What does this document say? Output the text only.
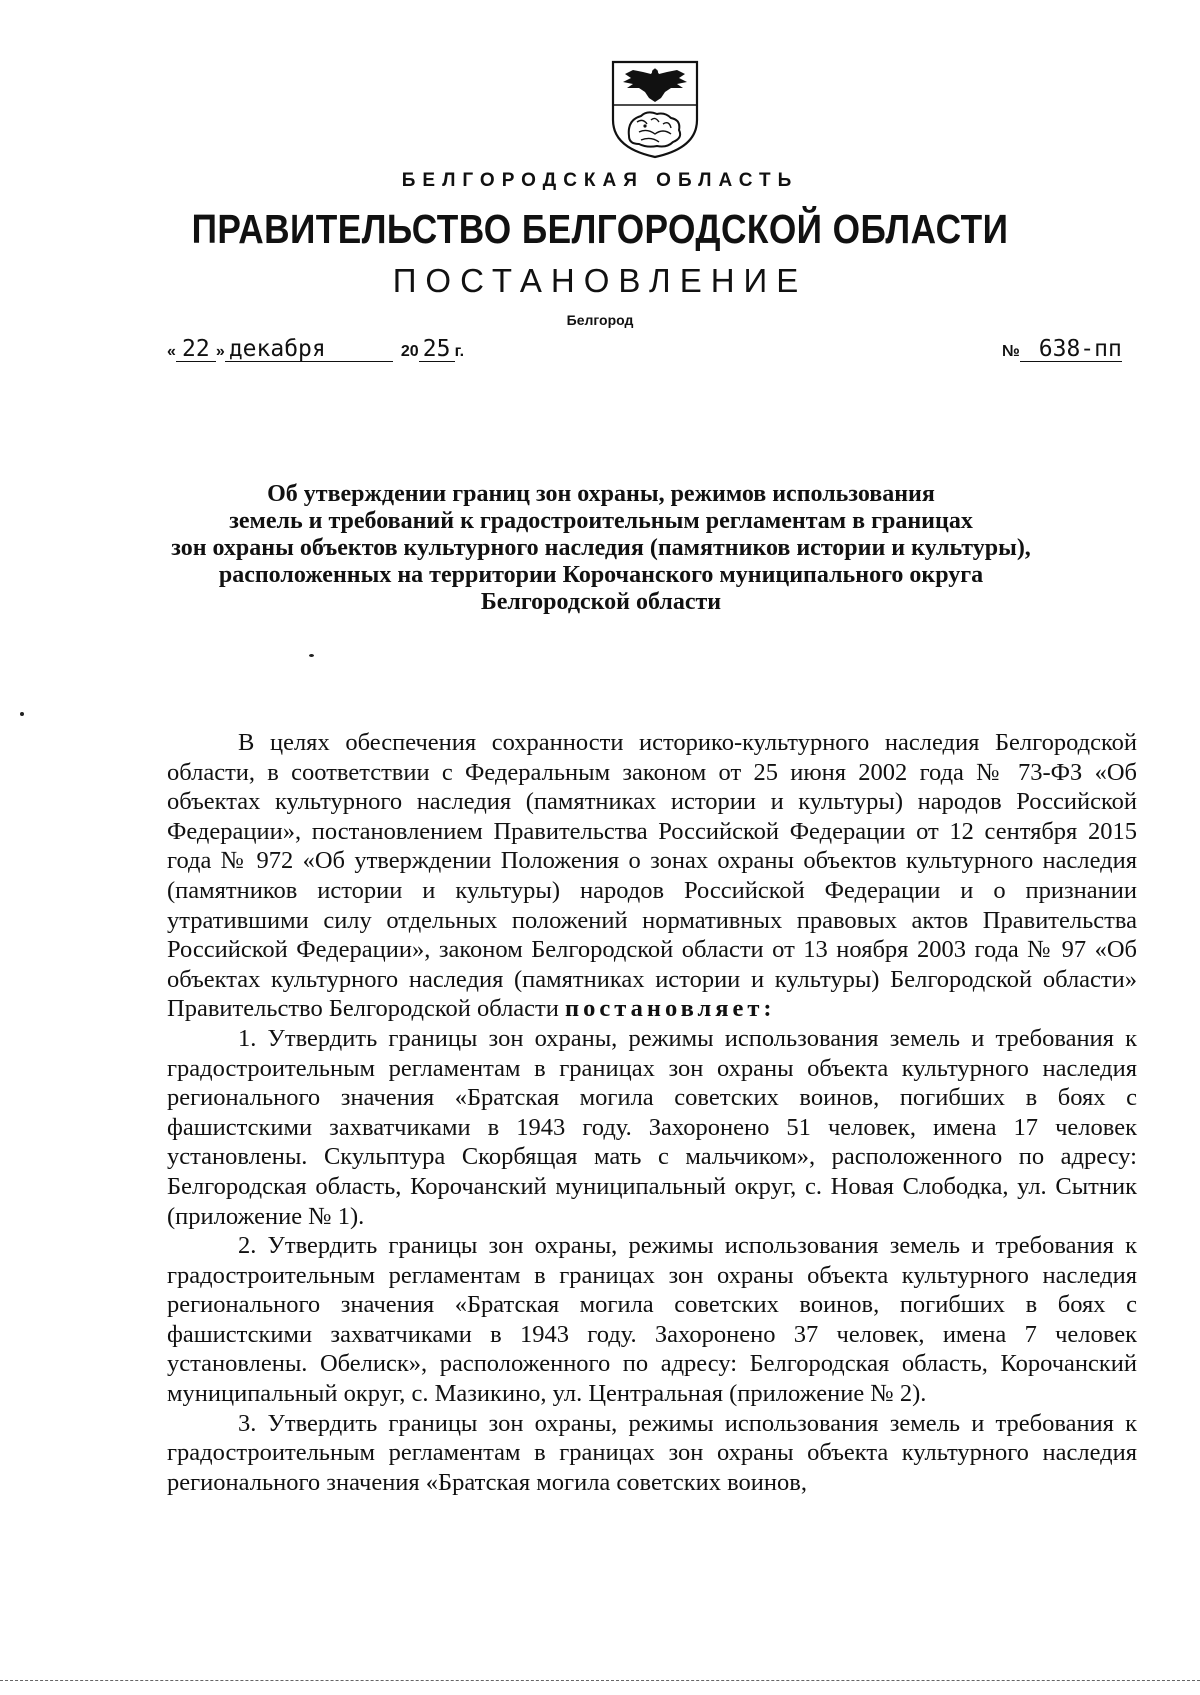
БЕЛГОРОДСКАЯ ОБЛАСТЬ
ПРАВИТЕЛЬСТВО БЕЛГОРОДСКОЙ ОБЛАСТИ
ПОСТАНОВЛЕНИЕ
Белгород
« 22 » декабря	20 25 г.	№ 638-пп
Об утверждении границ зон охраны, режимов использования
земель и требований к градостроительным регламентам в границах
зон охраны объектов культурного наследия (памятников истории и культуры),
расположенных на территории Корочанского муниципального округа
Белгородской области

В целях обеспечения сохранности историко-культурного наследия Белгородской области, в соответствии с Федеральным законом от 25 июня 2002 года № 73-ФЗ «Об объектах культурного наследия (памятниках истории и культуры) народов Российской Федерации», постановлением Правительства Российской Федерации от 12 сентября 2015 года № 972 «Об утверждении Положения о зонах охраны объектов культурного наследия (памятников истории и культуры) народов Российской Федерации и о признании утратившими силу отдельных положений нормативных правовых актов Правительства Российской Федерации», законом Белгородской области от 13 ноября 2003 года № 97 «Об объектах культурного наследия (памятниках истории и культуры) Белгородской области» Правительство Белгородской области постановляет:

1. Утвердить границы зон охраны, режимы использования земель и требования к градостроительным регламентам в границах зон охраны объекта культурного наследия регионального значения «Братская могила советских воинов, погибших в боях с фашистскими захватчиками в 1943 году. Захоронено 51 человек, имена 17 человек установлены. Скульптура Скорбящая мать с мальчиком», расположенного по адресу: Белгородская область, Корочанский муниципальный округ, с. Новая Слободка, ул. Сытник (приложение № 1).

2. Утвердить границы зон охраны, режимы использования земель и требования к градостроительным регламентам в границах зон охраны объекта культурного наследия регионального значения «Братская могила советских воинов, погибших в боях с фашистскими захватчиками в 1943 году. Захоронено 37 человек, имена 7 человек установлены. Обелиск», расположенного по адресу: Белгородская область, Корочанский муниципальный округ, с. Мазикино, ул. Центральная (приложение № 2).

3. Утвердить границы зон охраны, режимы использования земель и требования к градостроительным регламентам в границах зон охраны объекта культурного наследия регионального значения «Братская могила советских воинов,
